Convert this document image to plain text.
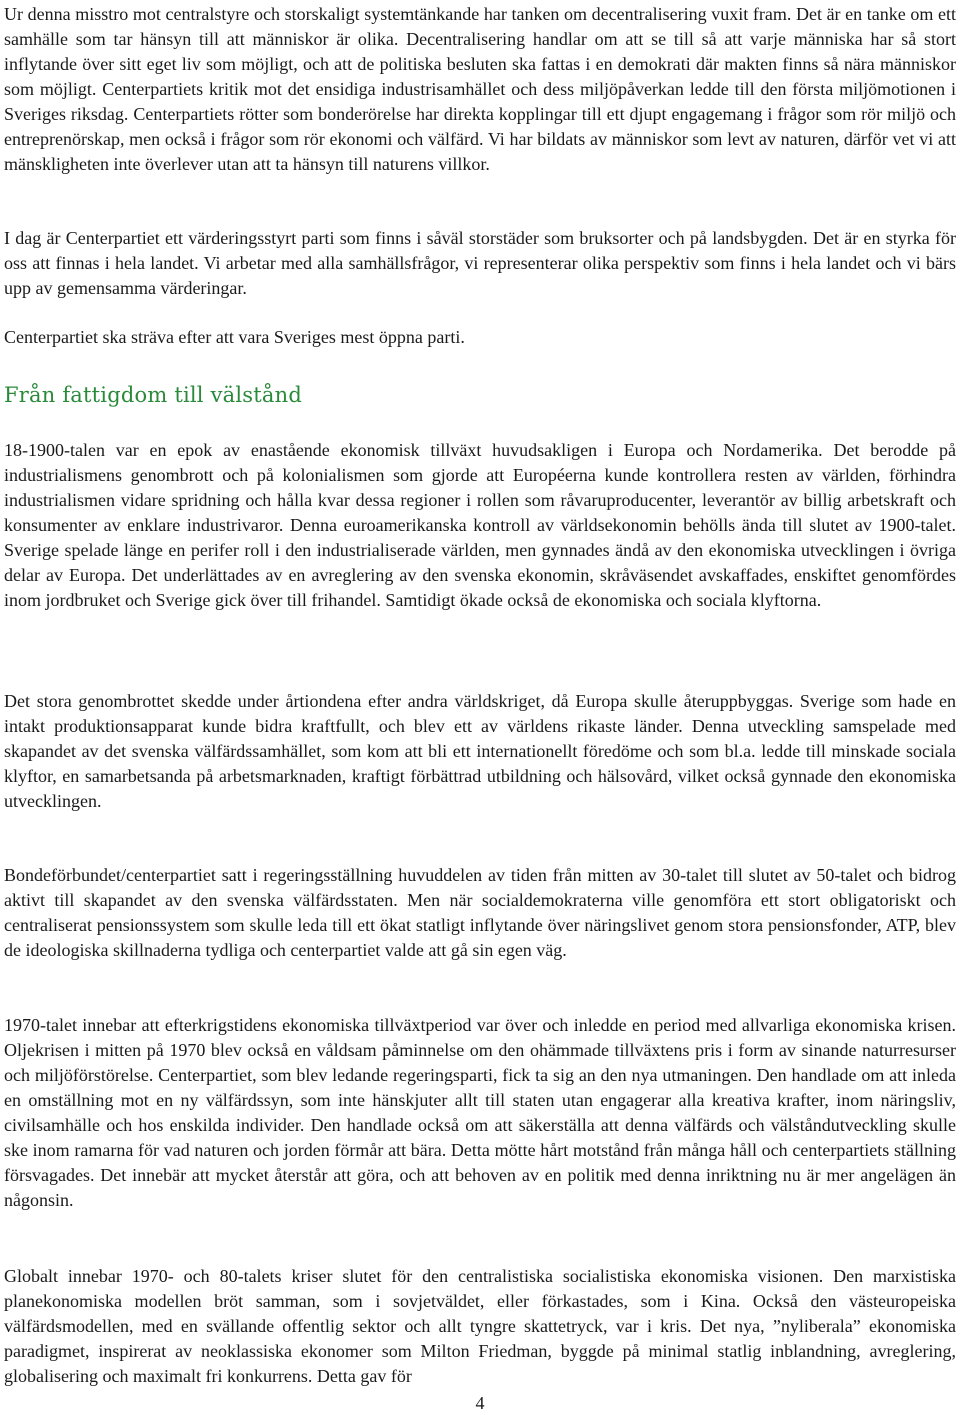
Ur denna misstro mot centralstyre och storskaligt systemtänkande har tanken om decentralisering vuxit fram. Det är en tanke om ett samhälle som tar hänsyn till att människor är olika. Decentralisering handlar om att se till så att varje människa har så stort inflytande över sitt eget liv som möjligt, och att de politiska besluten ska fattas i en demokrati där makten finns så nära människor som möjligt. Centerpartiets kritik mot det ensidiga industrisamhället och dess miljöpåverkan ledde till den första miljömotionen i Sveriges riksdag. Centerpartiets rötter som bonderörelse har direkta kopplingar till ett djupt engagemang i frågor som rör miljö och entreprenörskap, men också i frågor som rör ekonomi och välfärd. Vi har bildats av människor som levt av naturen, därför vet vi att mänskligheten inte överlever utan att ta hänsyn till naturens villkor.

I dag är Centerpartiet ett värderingsstyrt parti som finns i såväl storstäder som bruksorter och på landsbygden. Det är en styrka för oss att finnas i hela landet. Vi arbetar med alla samhällsfrågor, vi representerar olika perspektiv som finns i hela landet och vi bärs upp av gemensamma värderingar.

Centerpartiet ska sträva efter att vara Sveriges mest öppna parti.

Från fattigdom till välstånd

18-1900-talen var en epok av enastående ekonomisk tillväxt huvudsakligen i Europa och Nordamerika. Det berodde på industrialismens genombrott och på kolonialismen som gjorde att Européerna kunde kontrollera resten av världen, förhindra industrialismen vidare spridning och hålla kvar dessa regioner i rollen som råvaruproducenter, leverantör av billig arbetskraft och konsumenter av enklare industrivaror. Denna euroamerikanska kontroll av världsekonomin behölls ända till slutet av 1900-talet. Sverige spelade länge en perifer roll i den industrialiserade världen, men gynnades ändå av den ekonomiska utvecklingen i övriga delar av Europa. Det underlättades av en avreglering av den svenska ekonomin, skråväsendet avskaffades, enskiftet genomfördes inom jordbruket och Sverige gick över till frihandel. Samtidigt ökade också de ekonomiska och sociala klyftorna.

Det stora genombrottet skedde under årtiondena efter andra världskriget, då Europa skulle återuppbyggas. Sverige som hade en intakt produktionsapparat kunde bidra kraftfullt, och blev ett av världens rikaste länder. Denna utveckling samspelade med skapandet av det svenska välfärdssamhället, som kom att bli ett internationellt föredöme och som bl.a. ledde till minskade sociala klyftor, en samarbetsanda på arbetsmarknaden, kraftigt förbättrad utbildning och hälsovård, vilket också gynnade den ekonomiska utvecklingen.

Bondeförbundet/centerpartiet satt i regeringsställning huvuddelen av tiden från mitten av 30-talet till slutet av 50-talet och bidrog aktivt till skapandet av den svenska välfärdsstaten. Men när socialdemokraterna ville genomföra ett stort obligatoriskt och centraliserat pensionssystem som skulle leda till ett ökat statligt inflytande över näringslivet genom stora pensionsfonder, ATP, blev de ideologiska skillnaderna tydliga och centerpartiet valde att gå sin egen väg.

1970-talet innebar att efterkrigstidens ekonomiska tillväxtperiod var över och inledde en period med allvarliga ekonomiska krisen. Oljekrisen i mitten på 1970 blev också en våldsam påminnelse om den ohämmade tillväxtens pris i form av sinande naturresurser och miljöförstörelse. Centerpartiet, som blev ledande regeringsparti, fick ta sig an den nya utmaningen. Den handlade om att inleda en omställning mot en ny välfärdssyn, som inte hänskjuter allt till staten utan engagerar alla kreativa krafter, inom näringsliv, civilsamhälle och hos enskilda individer. Den handlade också om att säkerställa att denna välfärds och välståndutveckling skulle ske inom ramarna för vad naturen och jorden förmår att bära. Detta mötte hårt motstånd från många håll och centerpartiets ställning försvagades. Det innebär att mycket återstår att göra, och att behoven av en politik med denna inriktning nu är mer angelägen än någonsin.

Globalt innebar 1970- och 80-talets kriser slutet för den centralistiska socialistiska ekonomiska visionen. Den marxistiska planekonomiska modellen bröt samman, som i sovjetväldet, eller förkastades, som i Kina. Också den västeuropeiska välfärdsmodellen, med en svällande offentlig sektor och allt tyngre skattetryck, var i kris. Det nya, ”nyliberala” ekonomiska paradigmet, inspirerat av neoklassiska ekonomer som Milton Friedman, byggde på minimal statlig inblandning, avreglering, globalisering och maximalt fri konkurrens. Detta gav för

4
